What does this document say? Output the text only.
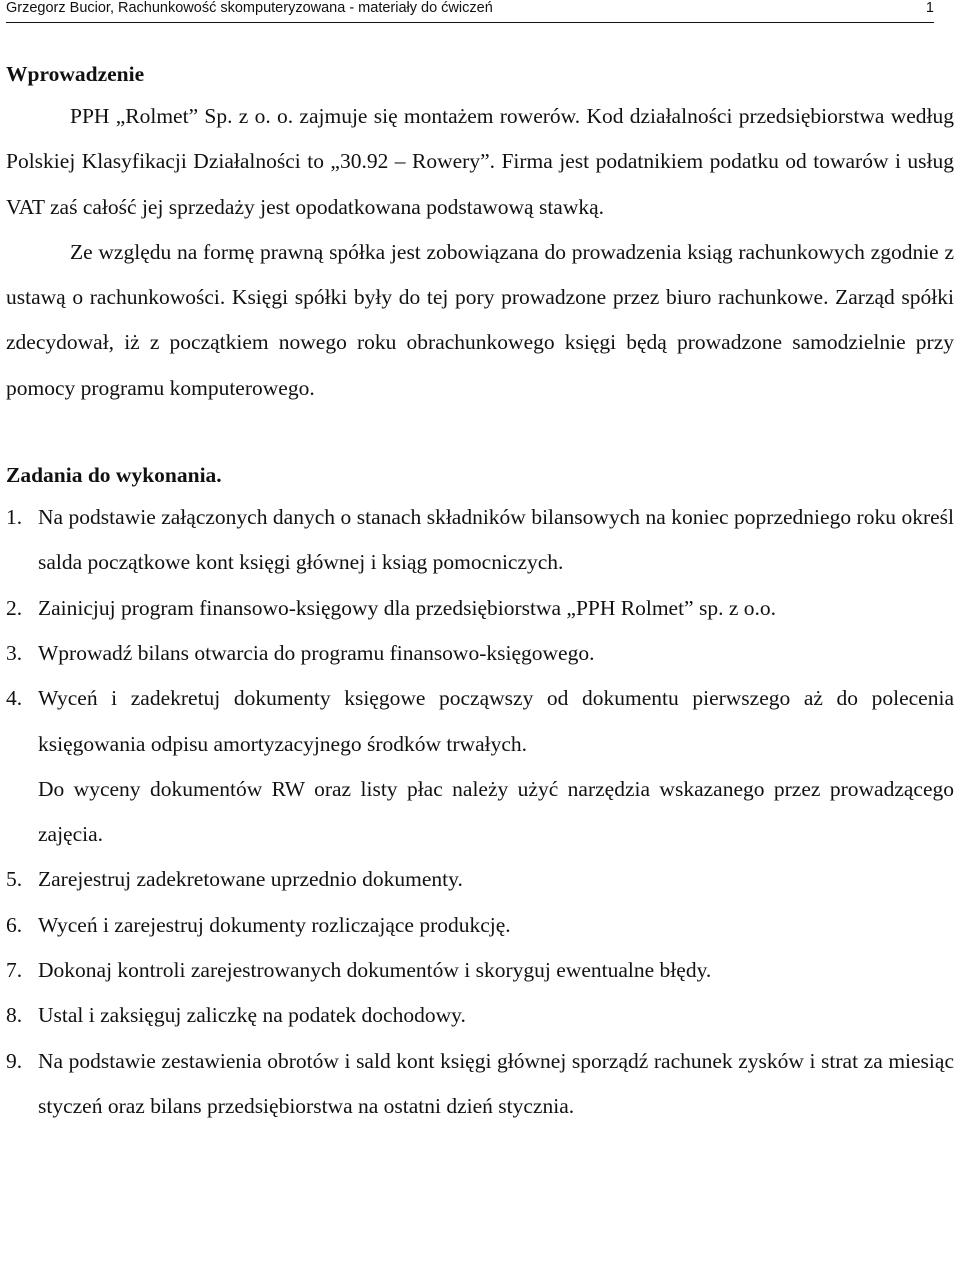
Grzegorz Bucior, Rachunkowość skomputeryzowana - materiały do ćwiczeń	1
Wprowadzenie

PPH „Rolmet” Sp. z o. o. zajmuje się montażem rowerów. Kod działalności przedsiębiorstwa według Polskiej Klasyfikacji Działalności to „30.92 – Rowery”. Firma jest podatnikiem podatku od towarów i usług VAT zaś całość jej sprzedaży jest opodatkowana podstawową stawką.

Ze względu na formę prawną spółka jest zobowiązana do prowadzenia ksiąg rachunkowych zgodnie z ustawą o rachunkowości. Księgi spółki były do tej pory prowadzone przez biuro rachunkowe. Zarząd spółki zdecydował, iż z początkiem nowego roku obrachunkowego księgi będą prowadzone samodzielnie przy pomocy programu komputerowego.

Zadania do wykonania.
1. Na podstawie załączonych danych o stanach składników bilansowych na koniec poprzedniego roku określ salda początkowe kont księgi głównej i ksiąg pomocniczych.
2. Zainicjuj program finansowo-księgowy dla przedsiębiorstwa „PPH Rolmet” sp. z o.o.
3. Wprowadź bilans otwarcia do programu finansowo-księgowego.
4. Wyceń i zadekretuj dokumenty księgowe począwszy od dokumentu pierwszego aż do polecenia księgowania odpisu amortyzacyjnego środków trwałych.
Do wyceny dokumentów RW oraz listy płac należy użyć narzędzia wskazanego przez prowadzącego zajęcia.
5. Zarejestruj zadekretowane uprzednio dokumenty.
6. Wyceń i zarejestruj dokumenty rozliczające produkcję.
7. Dokonaj kontroli zarejestrowanych dokumentów i skoryguj ewentualne błędy.
8. Ustal i zaksięguj zaliczkę na podatek dochodowy.
9. Na podstawie zestawienia obrotów i sald kont księgi głównej sporządź rachunek zysków i strat za miesiąc styczeń oraz bilans przedsiębiorstwa na ostatni dzień stycznia.
